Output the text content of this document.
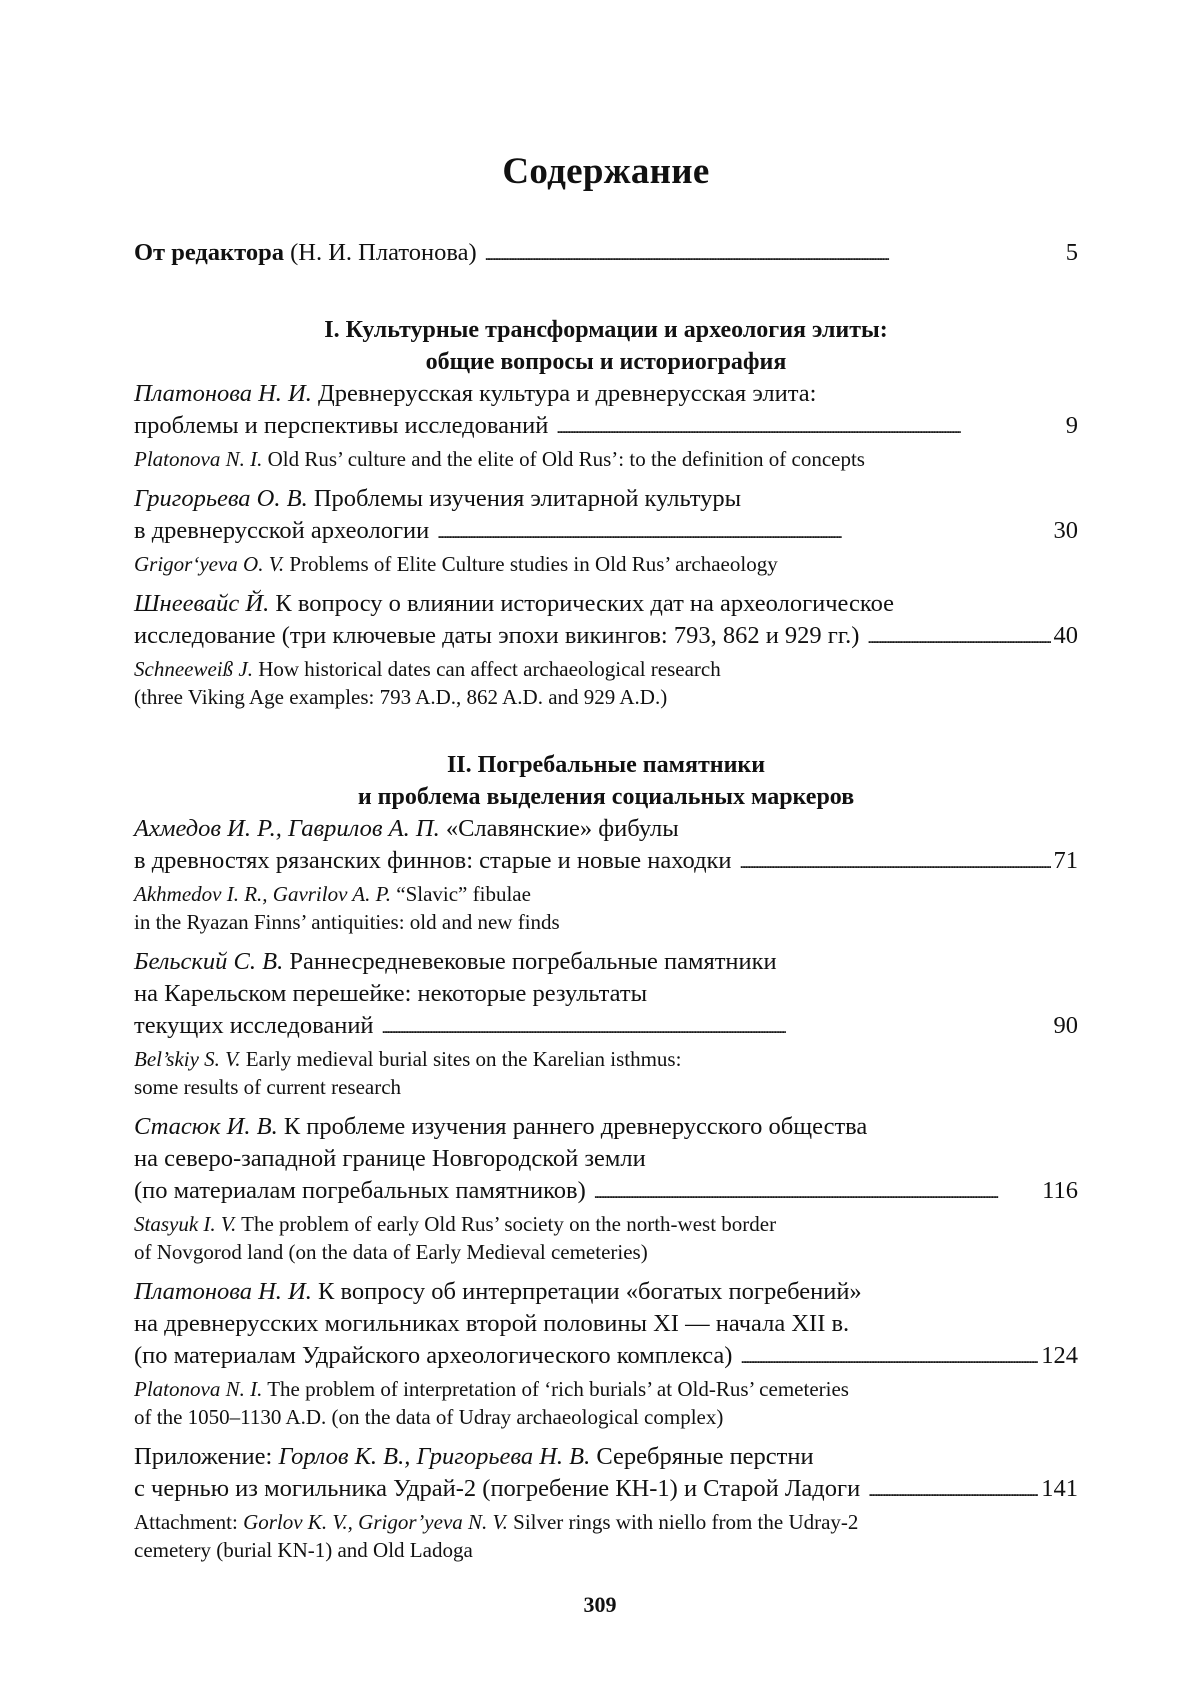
Содержание
От редактора (Н. И. Платонова) . . .	5
I. Культурные трансформации и археология элиты:
общие вопросы и историография
Платонова Н. И. Древнерусская культура и древнерусская элита:
проблемы и перспективы исследований . . .	9
Platonova N. I. Old Rus’ culture and the elite of Old Rus’: to the definition of concepts
Григорьева О. В. Проблемы изучения элитарной культуры
в древнерусской археологии . . .	30
Grigor‘yeva O. V. Problems of Elite Culture studies in Old Rus’ archaeology
Шнеевайс Й. К вопросу о влиянии исторических дат на археологическое
исследование (три ключевые даты эпохи викингов: 793, 862 и 929 гг.) . . .	40
Schneeweiß J. How historical dates can affect archaeological research
(three Viking Age examples: 793 A.D., 862 A.D. and 929 A.D.)
II. Погребальные памятники
и проблема выделения социальных маркеров
Ахмедов И. Р., Гаврилов А. П. «Славянские» фибулы
в древностях рязанских финнов: старые и новые находки . . .	71
Akhmedov I. R., Gavrilov A. P. “Slavic” fibulae
in the Ryazan Finns’ antiquities: old and new finds
Бельский С. В. Раннесредневековые погребальные памятники
на Карельском перешейке: некоторые результаты
текущих исследований . . .	90
Bel’skiy S. V. Early medieval burial sites on the Karelian isthmus:
some results of current research
Стасюк И. В. К проблеме изучения раннего древнерусского общества
на северо-западной границе Новгородской земли
(по материалам погребальных памятников) . . .	116
Stasyuk I. V. The problem of early Old Rus’ society on the north-west border
of Novgorod land (on the data of Early Medieval cemeteries)
Платонова Н. И. К вопросу об интерпретации «богатых погребений»
на древнерусских могильниках второй половины XI — начала XII в.
(по материалам Удрайского археологического комплекса) . . .	124
Platonova N. I. The problem of interpretation of ‘rich burials’ at Old-Rus’ cemeteries
of the 1050–1130 A.D. (on the data of Udray archaeological complex)
Приложение: Горлов К. В., Григорьева Н. В. Серебряные перстни
с чернью из могильника Удрай-2 (погребение КН-1) и Старой Ладоги . . .	141
Attachment: Gorlov K. V., Grigor’yeva N. V. Silver rings with niello from the Udray-2
cemetery (burial KN-1) and Old Ladoga
309
